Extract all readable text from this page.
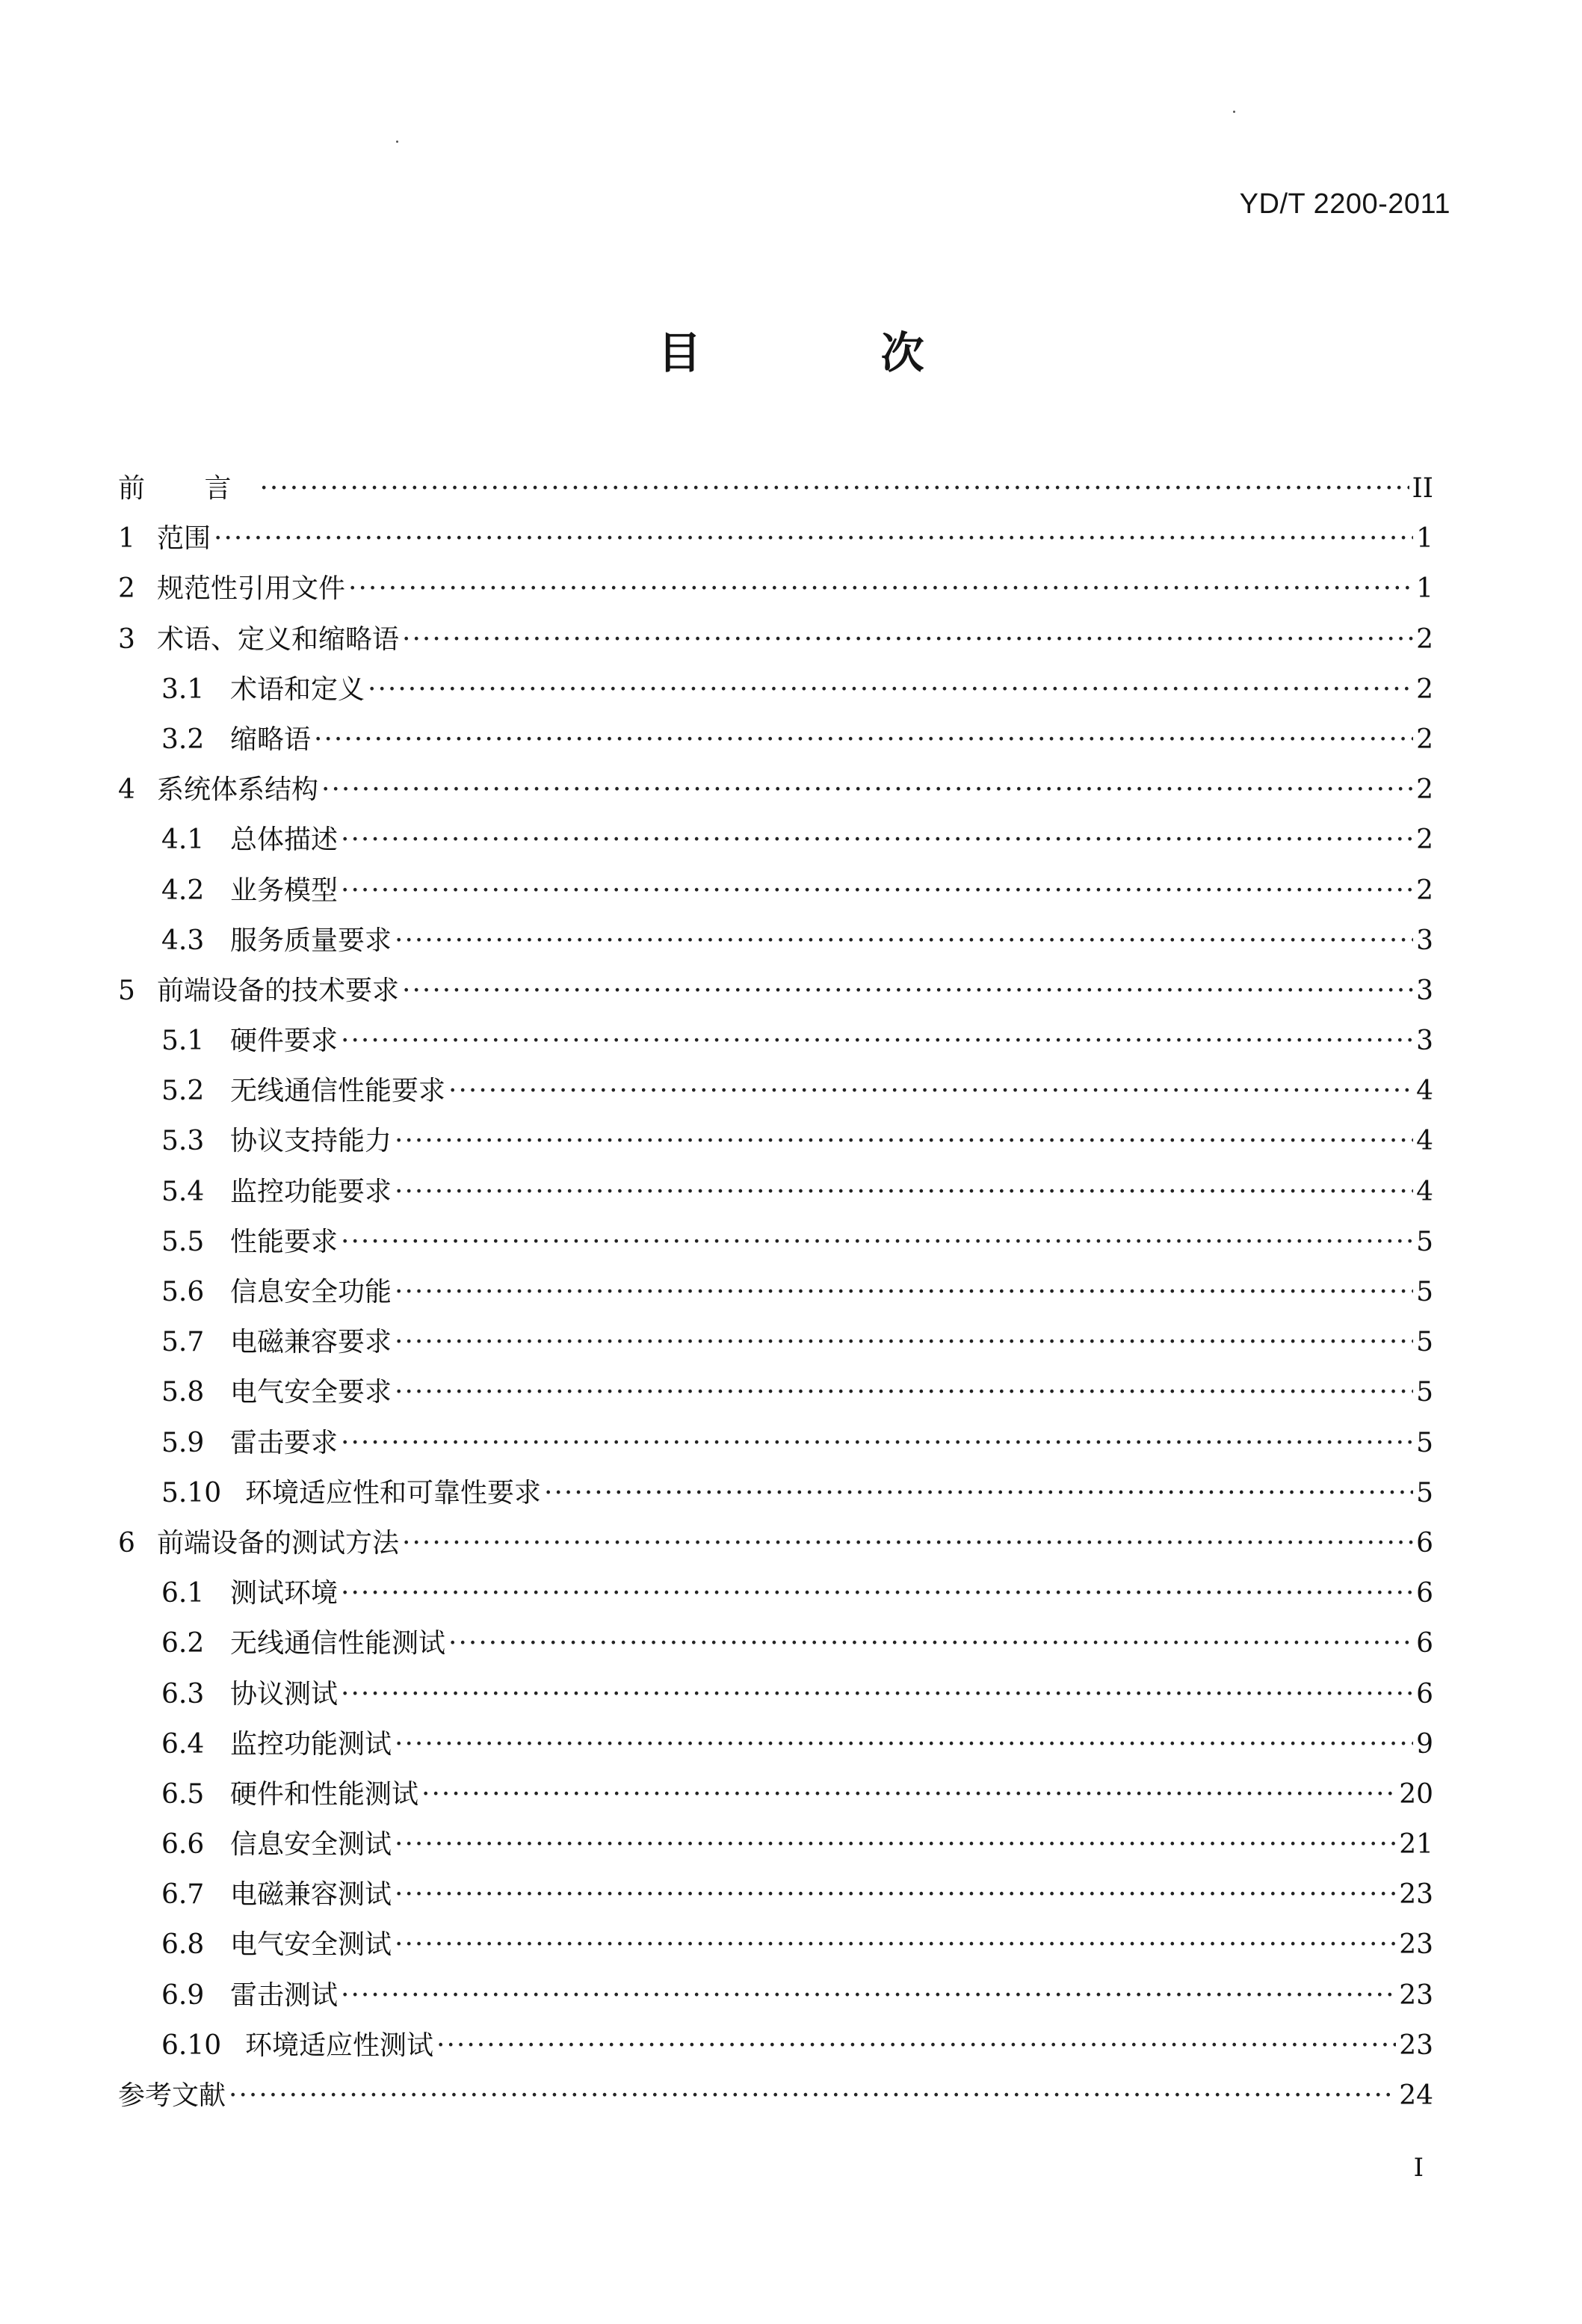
YD/T 2200-2011
目 次
前 言 ·····	II
1 范围 ·····	1
2 规范性引用文件 ·····	1
3 术语、定义和缩略语 ·····	2
3.1 术语和定义 ·····	2
3.2 缩略语 ·····	2
4 系统体系结构 ·····	2
4.1 总体描述 ·····	2
4.2 业务模型 ·····	2
4.3 服务质量要求 ·····	3
5 前端设备的技术要求 ·····	3
5.1 硬件要求 ·····	3
5.2 无线通信性能要求 ·····	4
5.3 协议支持能力 ·····	4
5.4 监控功能要求 ·····	4
5.5 性能要求 ·····	5
5.6 信息安全功能 ·····	5
5.7 电磁兼容要求 ·····	5
5.8 电气安全要求 ·····	5
5.9 雷击要求 ·····	5
5.10 环境适应性和可靠性要求 ·····	5
6 前端设备的测试方法 ·····	6
6.1 测试环境 ·····	6
6.2 无线通信性能测试 ·····	6
6.3 协议测试 ·····	6
6.4 监控功能测试 ·····	9
6.5 硬件和性能测试 ·····	20
6.6 信息安全测试 ·····	21
6.7 电磁兼容测试 ·····	23
6.8 电气安全测试 ·····	23
6.9 雷击测试 ·····	23
6.10 环境适应性测试 ·····	23
参考文献 ·····	24
I
